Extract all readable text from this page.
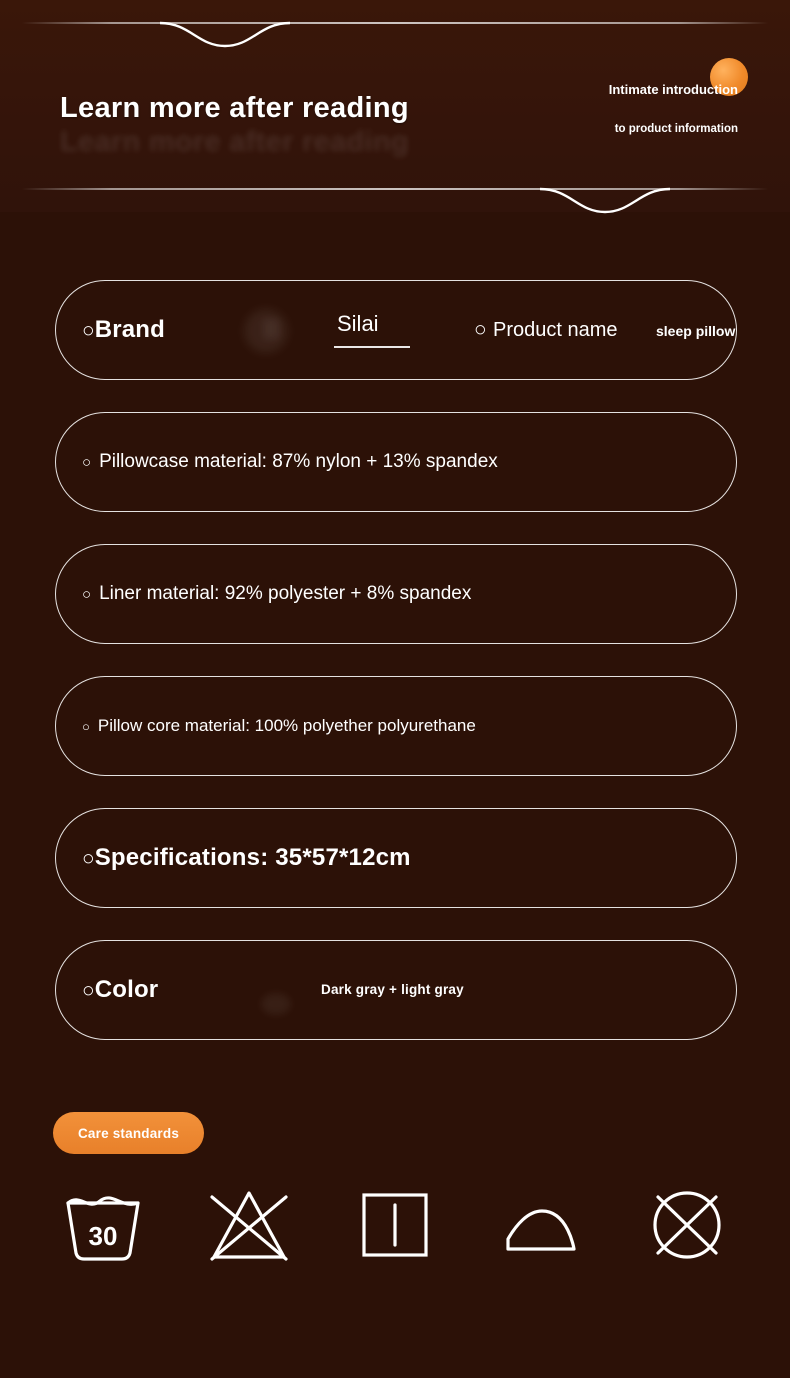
Learn more after reading
Learn more after reading
Intimate introduction
to product information
○ Brand	Silai	○ Product name	sleep pillow
○ Pillowcase material: 87% nylon + 13% spandex
○ Liner material: 92% polyester + 8% spandex
○ Pillow core material: 100% polyether polyurethane
○ Specifications: 35*57*12cm
○ Color	Dark gray + light gray
Care standards
30
